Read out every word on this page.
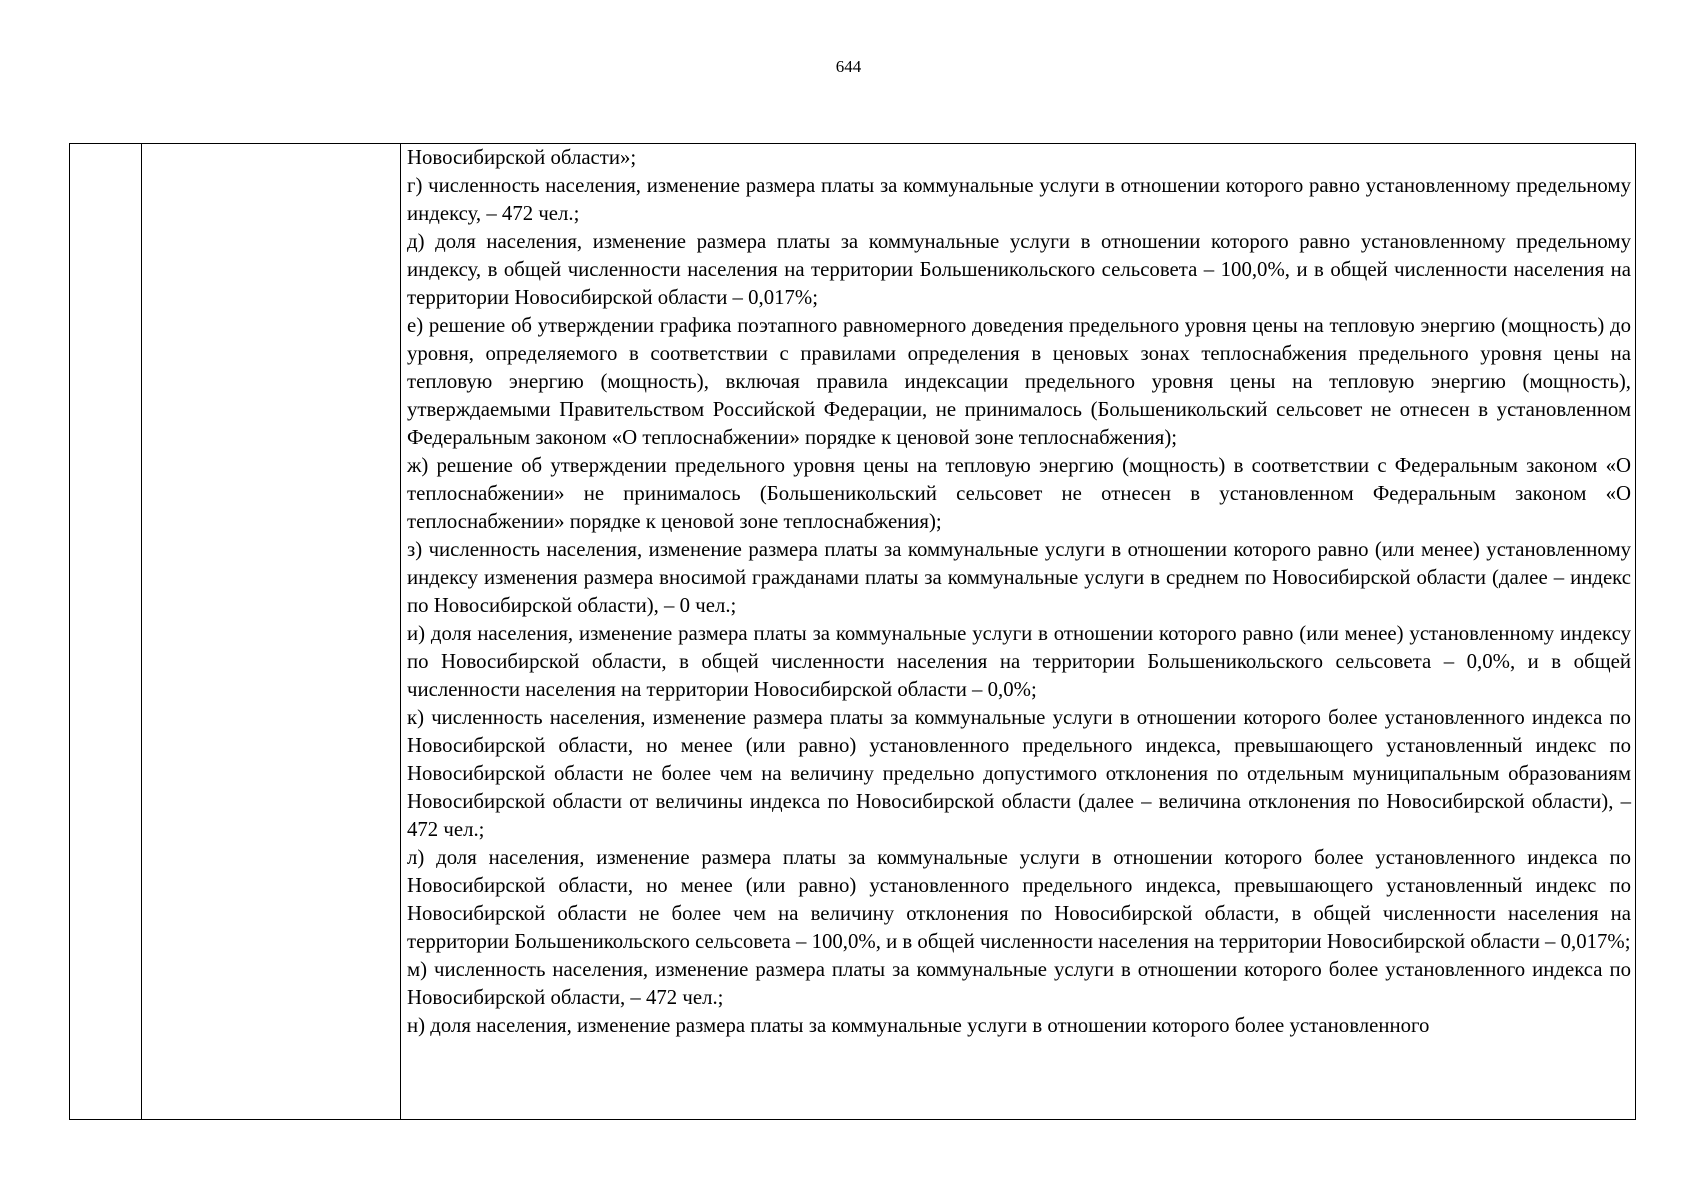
644

Новосибирской области»;

г) численность населения, изменение размера платы за коммунальные услуги в отношении которого равно установленному предельному индексу, – 472 чел.;

д) доля населения, изменение размера платы за коммунальные услуги в отношении которого равно установленному предельному индексу, в общей численности населения на территории Большеникольского сельсовета – 100,0%, и в общей численности населения на территории Новосибирской области – 0,017%;

е) решение об утверждении графика поэтапного равномерного доведения предельного уровня цены на тепловую энергию (мощность) до уровня, определяемого в соответствии с правилами определения в ценовых зонах теплоснабжения предельного уровня цены на тепловую энергию (мощность), включая правила индексации предельного уровня цены на тепловую энергию (мощность), утверждаемыми Правительством Российской Федерации, не принималось (Большеникольский сельсовет не отнесен в установленном Федеральным законом «О теплоснабжении» порядке к ценовой зоне теплоснабжения);

ж) решение об утверждении предельного уровня цены на тепловую энергию (мощность) в соответствии с Федеральным законом «О теплоснабжении» не принималось (Большеникольский сельсовет не отнесен в установленном Федеральным законом «О теплоснабжении» порядке к ценовой зоне теплоснабжения);

з) численность населения, изменение размера платы за коммунальные услуги в отношении которого равно (или менее) установленному индексу изменения размера вносимой гражданами платы за коммунальные услуги в среднем по Новосибирской области (далее – индекс по Новосибирской области), – 0 чел.;

и) доля населения, изменение размера платы за коммунальные услуги в отношении которого равно (или менее) установленному индексу по Новосибирской области, в общей численности населения на территории Большеникольского сельсовета – 0,0%, и в общей численности населения на территории Новосибирской области – 0,0%;

к) численность населения, изменение размера платы за коммунальные услуги в отношении которого более установленного индекса по Новосибирской области, но менее (или равно) установленного предельного индекса, превышающего установленный индекс по Новосибирской области не более чем на величину предельно допустимого отклонения по отдельным муниципальным образованиям Новосибирской области от величины индекса по Новосибирской области (далее – величина отклонения по Новосибирской области), – 472 чел.;

л) доля населения, изменение размера платы за коммунальные услуги в отношении которого более установленного индекса по Новосибирской области, но менее (или равно) установленного предельного индекса, превышающего установленный индекс по Новосибирской области не более чем на величину отклонения по Новосибирской области, в общей численности населения на территории Большеникольского сельсовета – 100,0%, и в общей численности населения на территории Новосибирской области – 0,017%;

м) численность населения, изменение размера платы за коммунальные услуги в отношении которого более установленного индекса по Новосибирской области, – 472 чел.;

н) доля населения, изменение размера платы за коммунальные услуги в отношении которого более установленного
